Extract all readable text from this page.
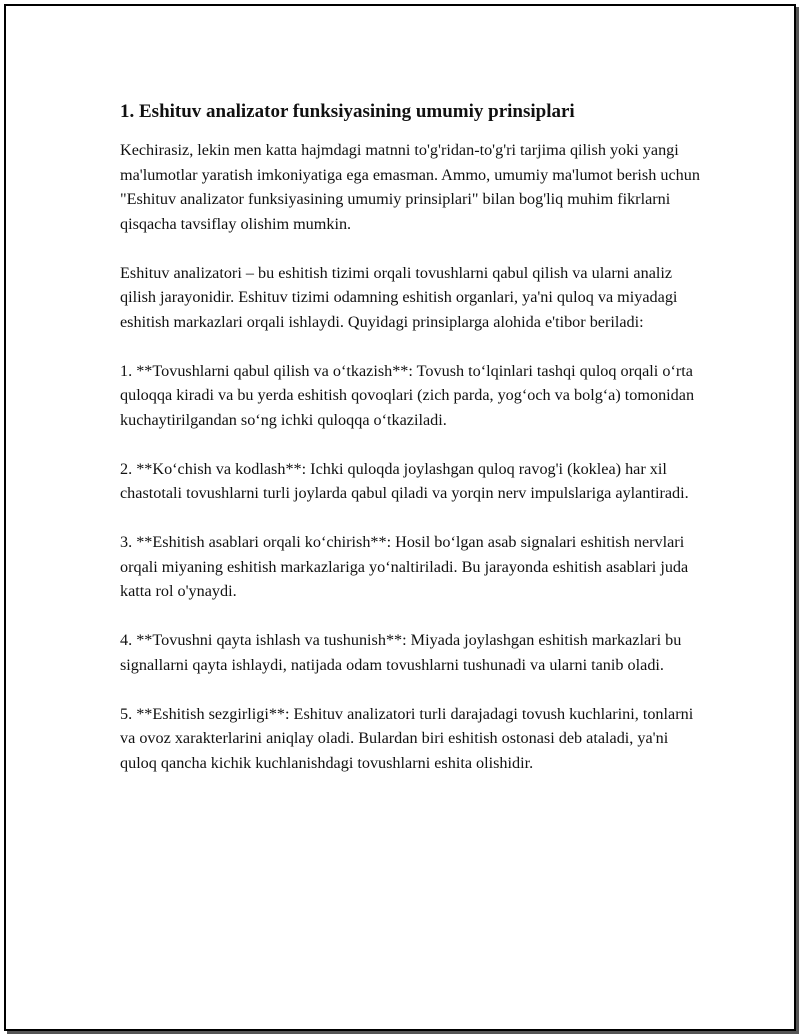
1. Eshituv analizator funksiyasining umumiy prinsiplari

Kechirasiz, lekin men katta hajmdagi matnni to'g'ridan-to'g'ri tarjima qilish yoki yangi ma'lumotlar yaratish imkoniyatiga ega emasman. Ammo, umumiy ma'lumot berish uchun "Eshituv analizator funksiyasining umumiy prinsiplari" bilan bog'liq muhim fikrlarni qisqacha tavsiflay olishim mumkin.

Eshituv analizatori – bu eshitish tizimi orqali tovushlarni qabul qilish va ularni analiz qilish jarayonidir. Eshituv tizimi odamning eshitish organlari, ya'ni quloq va miyadagi eshitish markazlari orqali ishlaydi. Quyidagi prinsiplarga alohida e'tibor beriladi:

1. **Tovushlarni qabul qilish va o‘tkazish**: Tovush to‘lqinlari tashqi quloq orqali o‘rta quloqqa kiradi va bu yerda eshitish qovoqlari (zich parda, yog‘och va bolg‘a) tomonidan kuchaytirilgandan so‘ng ichki quloqqa o‘tkaziladi.

2. **Ko‘chish va kodlash**: Ichki quloqda joylashgan quloq ravog'i (koklea) har xil chastotali tovushlarni turli joylarda qabul qiladi va yorqin nerv impulslariga aylantiradi.

3. **Eshitish asablari orqali ko‘chirish**: Hosil bo‘lgan asab signalari eshitish nervlari orqali miyaning eshitish markazlariga yo‘naltiriladi. Bu jarayonda eshitish asablari juda katta rol o'ynaydi.

4. **Tovushni qayta ishlash va tushunish**: Miyada joylashgan eshitish markazlari bu signallarni qayta ishlaydi, natijada odam tovushlarni tushunadi va ularni tanib oladi.

5. **Eshitish sezgirligi**: Eshituv analizatori turli darajadagi tovush kuchlarini, tonlarni va ovoz xarakterlarini aniqlay oladi. Bulardan biri eshitish ostonasi deb ataladi, ya'ni quloq qancha kichik kuchlanishdagi tovushlarni eshita olishidir.
